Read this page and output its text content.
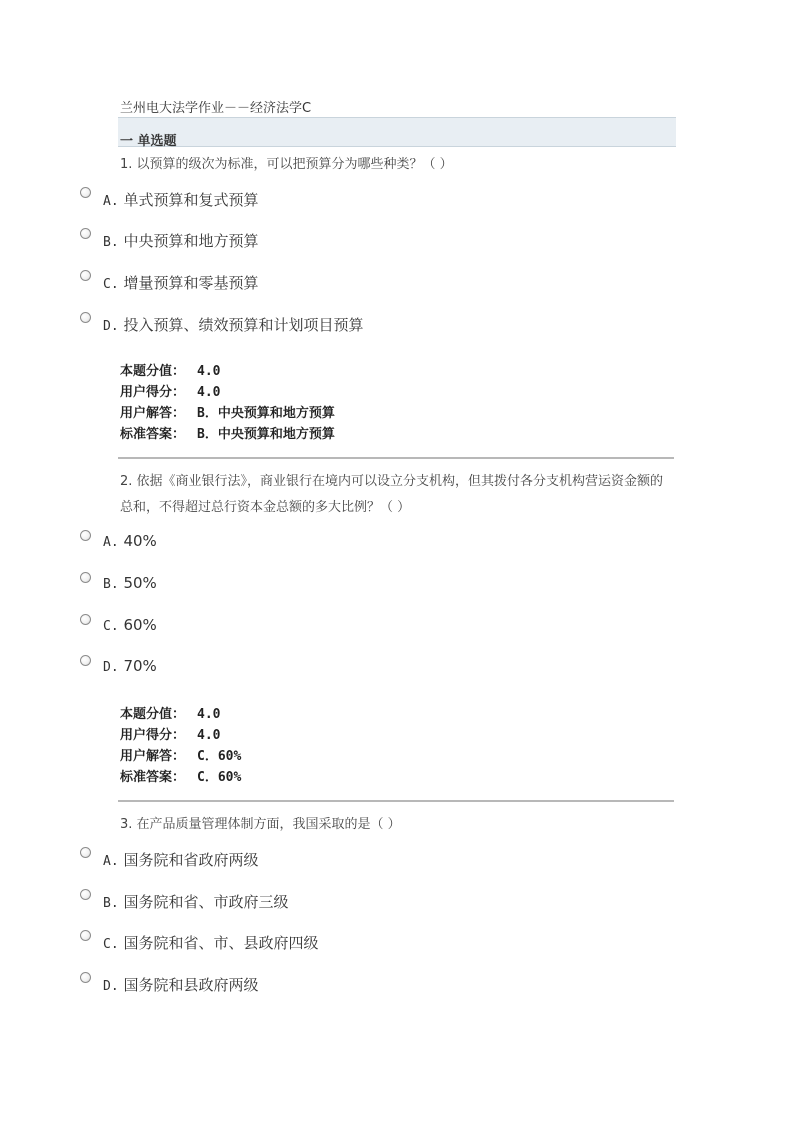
兰州电大法学作业－－经济法学C
一 单选题
1. 以预算的级次为标准，可以把预算分为哪些种类？（ ）
A. 单式预算和复式预算
B. 中央预算和地方预算
C. 增量预算和零基预算
D. 投入预算、绩效预算和计划项目预算
本题分值： 4.0
用户得分： 4.0
用户解答： B．中央预算和地方预算
标准答案： B．中央预算和地方预算
2. 依据《商业银行法》，商业银行在境内可以设立分支机构，但其拨付各分支机构营运资金额的总和，不得超过总行资本金总额的多大比例？（ ）
A. 40%
B. 50%
C. 60%
D. 70%
本题分值： 4.0
用户得分： 4.0
用户解答： C．60%
标准答案： C．60%
3. 在产品质量管理体制方面，我国采取的是（ ）
A. 国务院和省政府两级
B. 国务院和省、市政府三级
C. 国务院和省、市、县政府四级
D. 国务院和县政府两级
